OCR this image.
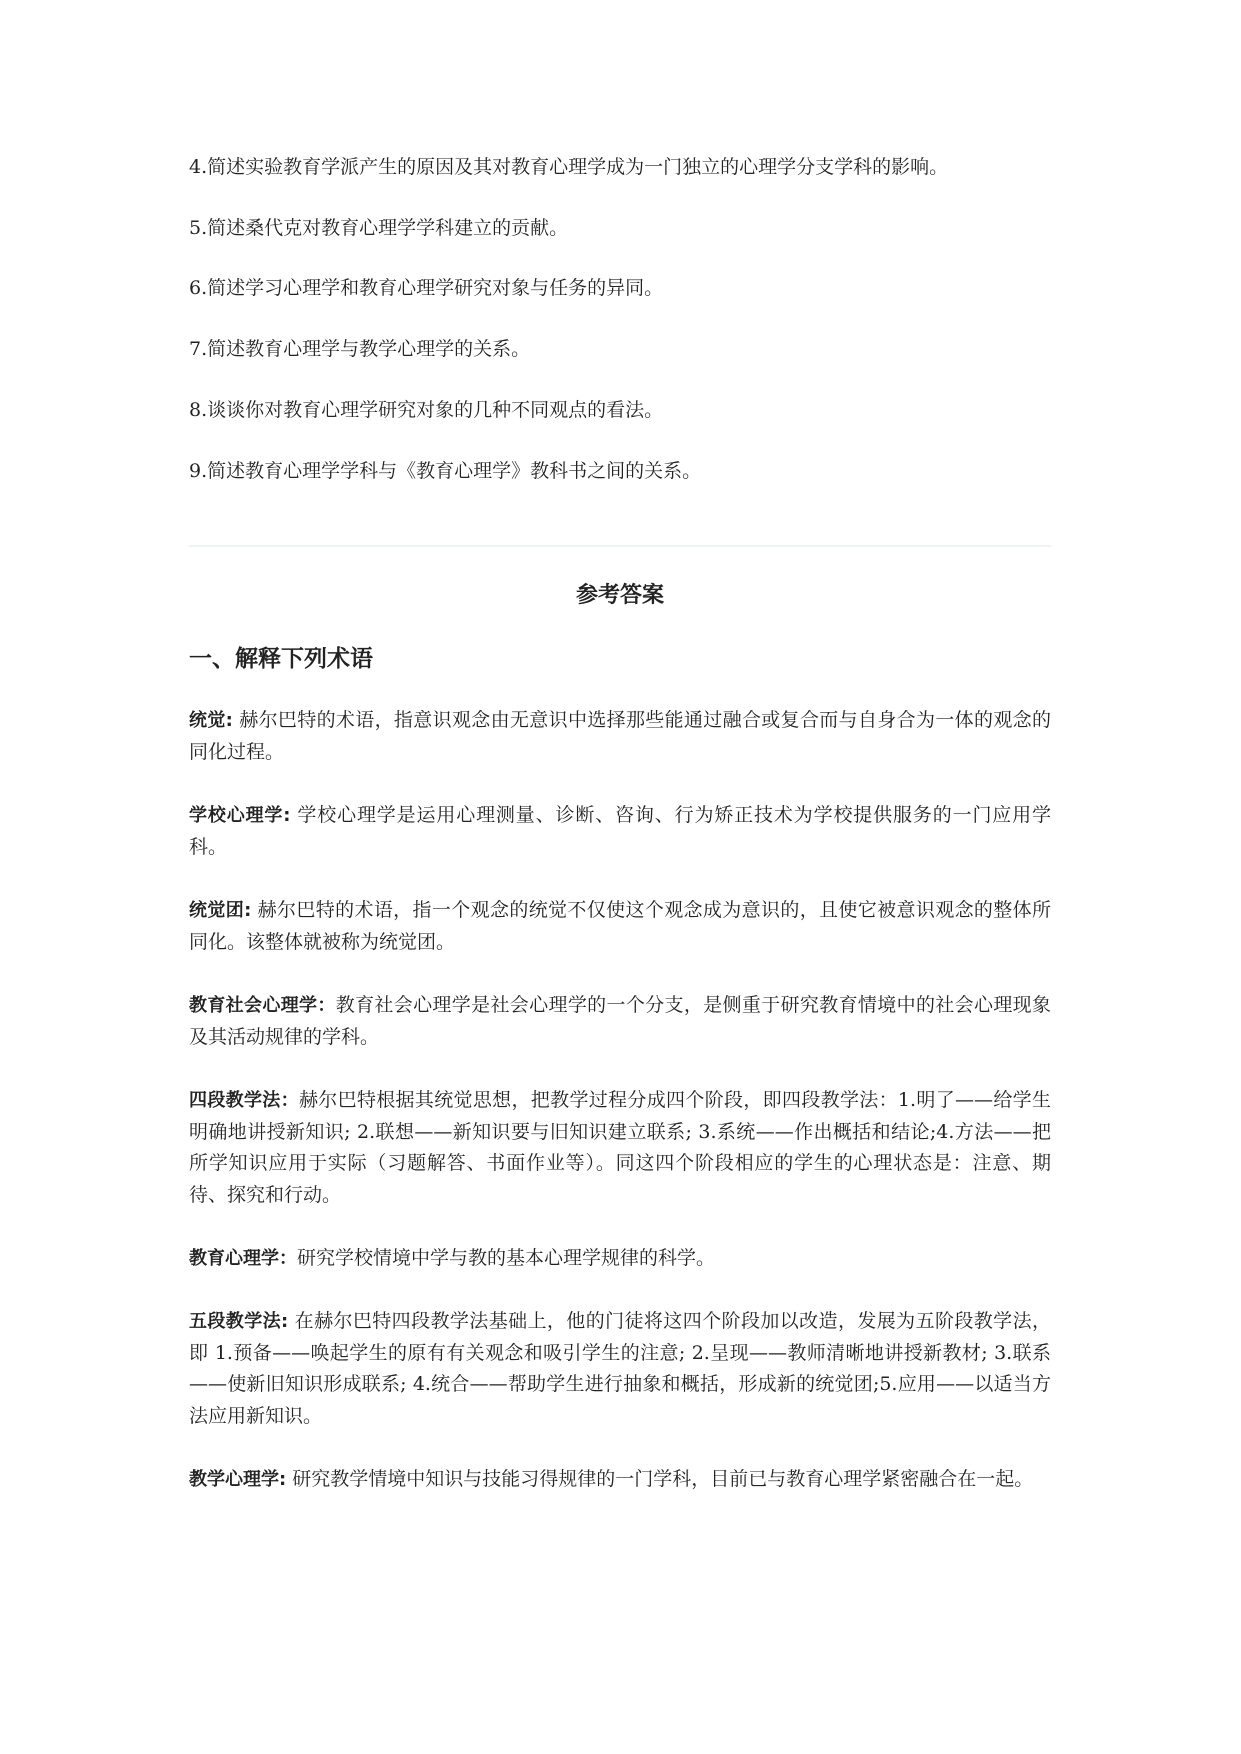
4.简述实验教育学派产生的原因及其对教育心理学成为一门独立的心理学分支学科的影响。

5.简述桑代克对教育心理学学科建立的贡献。

6.简述学习心理学和教育心理学研究对象与任务的异同。

7.简述教育心理学与教学心理学的关系。

8.谈谈你对教育心理学研究对象的几种不同观点的看法。

9.简述教育心理学学科与《教育心理学》教科书之间的关系。

参考答案
一、解释下列术语

统觉: 赫尔巴特的术语，指意识观念由无意识中选择那些能通过融合或复合而与自身合为一体的观念的同化过程。

学校心理学: 学校心理学是运用心理测量、诊断、咨询、行为矫正技术为学校提供服务的一门应用学科。

统觉团: 赫尔巴特的术语，指一个观念的统觉不仅使这个观念成为意识的，且使它被意识观念的整体所同化。该整体就被称为统觉团。

教育社会心理学：教育社会心理学是社会心理学的一个分支，是侧重于研究教育情境中的社会心理现象及其活动规律的学科。

四段教学法：赫尔巴特根据其统觉思想，把教学过程分成四个阶段，即四段教学法：1.明了——给学生明确地讲授新知识; 2.联想——新知识要与旧知识建立联系; 3.系统——作出概括和结论;4.方法——把所学知识应用于实际（习题解答、书面作业等）。同这四个阶段相应的学生的心理状态是：注意、期待、探究和行动。

教育心理学：研究学校情境中学与教的基本心理学规律的科学。

五段教学法: 在赫尔巴特四段教学法基础上，他的门徒将这四个阶段加以改造，发展为五阶段教学法，即 1.预备——唤起学生的原有有关观念和吸引学生的注意; 2.呈现——教师清晰地讲授新教材; 3.联系——使新旧知识形成联系; 4.统合——帮助学生进行抽象和概括，形成新的统觉团;5.应用——以适当方法应用新知识。

教学心理学: 研究教学情境中知识与技能习得规律的一门学科，目前已与教育心理学紧密融合在一起。
